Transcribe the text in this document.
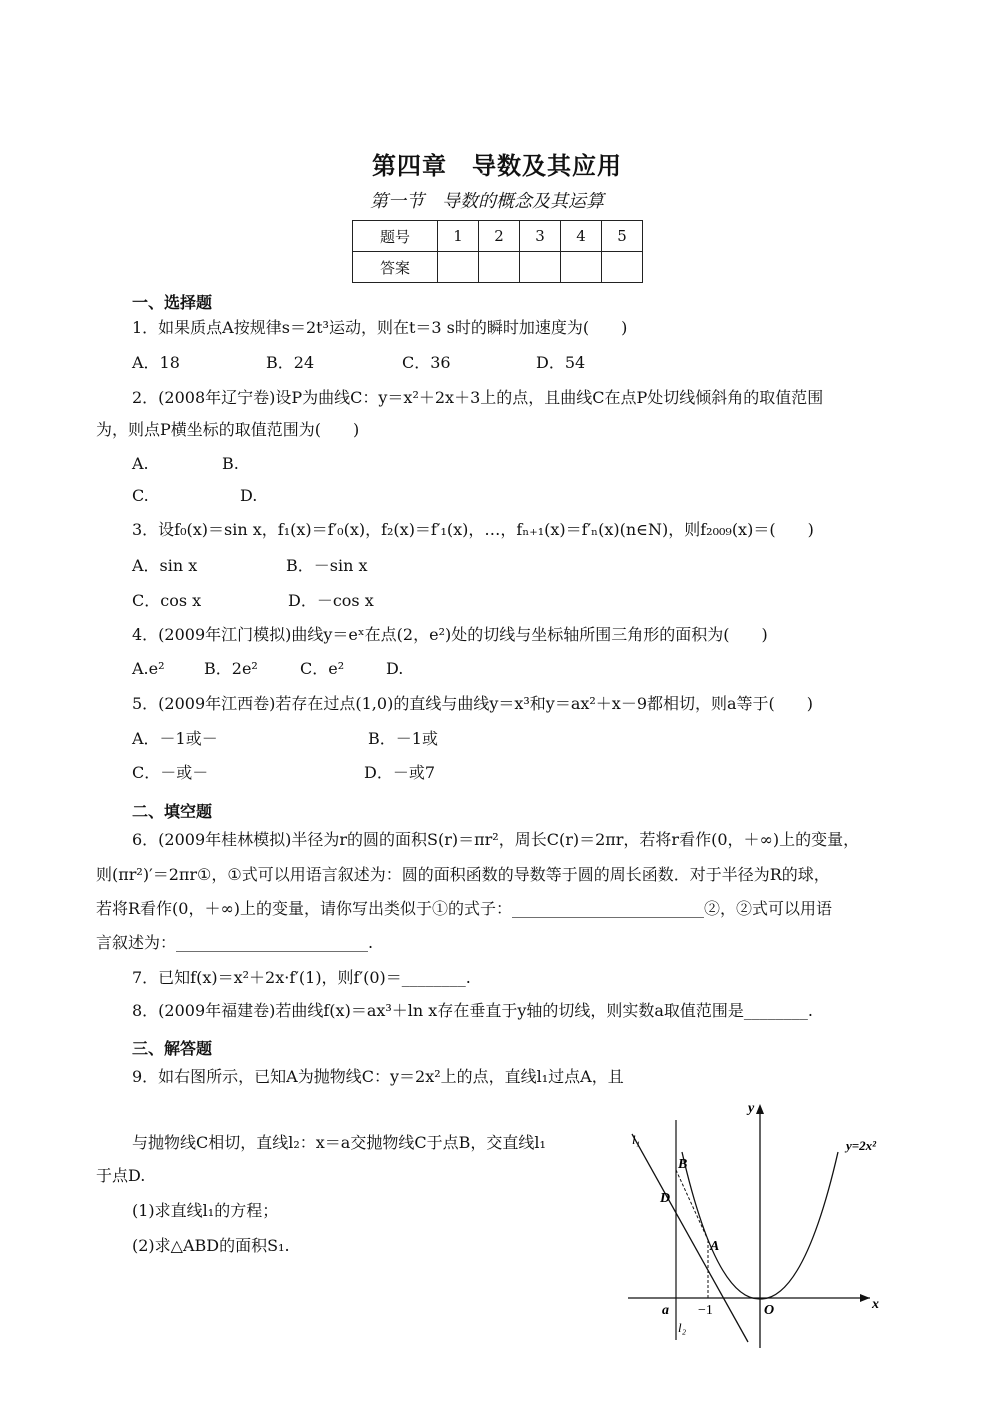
第四章　导数及其应用
第一节　导数的概念及其运算
题号	1	2	3	4	5
答案					
一、选择题
1．如果质点A按规律s＝2t³运动，则在t＝3 s时的瞬时加速度为(　　)
A．18	B．24	C．36	D．54
2．(2008年辽宁卷)设P为曲线C：y＝x²＋2x＋3上的点，且曲线C在点P处切线倾斜角的取值范围
为，则点P横坐标的取值范围为(　　)
A.	B.
C.	D.
3．设f₀(x)＝sin x，f₁(x)＝f′₀(x)，f₂(x)＝f′₁(x)，…，fₙ₊₁(x)＝f′ₙ(x)(n∈N)，则f₂₀₀₉(x)＝(　　)
A．sin x	B．－sin x
C．cos x	D．－cos x
4．(2009年江门模拟)曲线y＝eˣ在点(2，e²)处的切线与坐标轴所围三角形的面积为(　　)
A.e² B．2e²	C．e²	D.
5．(2009年江西卷)若存在过点(1,0)的直线与曲线y＝x³和y＝ax²＋x－9都相切，则a等于(　　)
A．－1或－	B．－1或
C．－或－	D．－或7
二、填空题
6．(2009年桂林模拟)半径为r的圆的面积S(r)＝πr²，周长C(r)＝2πr，若将r看作(0，＋∞)上的变量，
则(πr²)′＝2πr①，①式可以用语言叙述为：圆的面积函数的导数等于圆的周长函数．对于半径为R的球，
若将R看作(0，＋∞)上的变量，请你写出类似于①的式子：________________________②，②式可以用语
言叙述为：________________________.
7．已知f(x)＝x²＋2x·f′(1)，则f′(0)＝________.
8．(2009年福建卷)若曲线f(x)＝ax³＋ln x存在垂直于y轴的切线，则实数a取值范围是________.
三、解答题
9．如右图所示，已知A为抛物线C：y＝2x²上的点，直线l₁过点A，且
与抛物线C相切，直线l₂：x＝a交抛物线C于点B，交直线l₁
于点D.
(1)求直线l₁的方程；
(2)求△ABD的面积S₁.
y
x
y=2x²
l₁
l₂
B
D
A
O
a −1
